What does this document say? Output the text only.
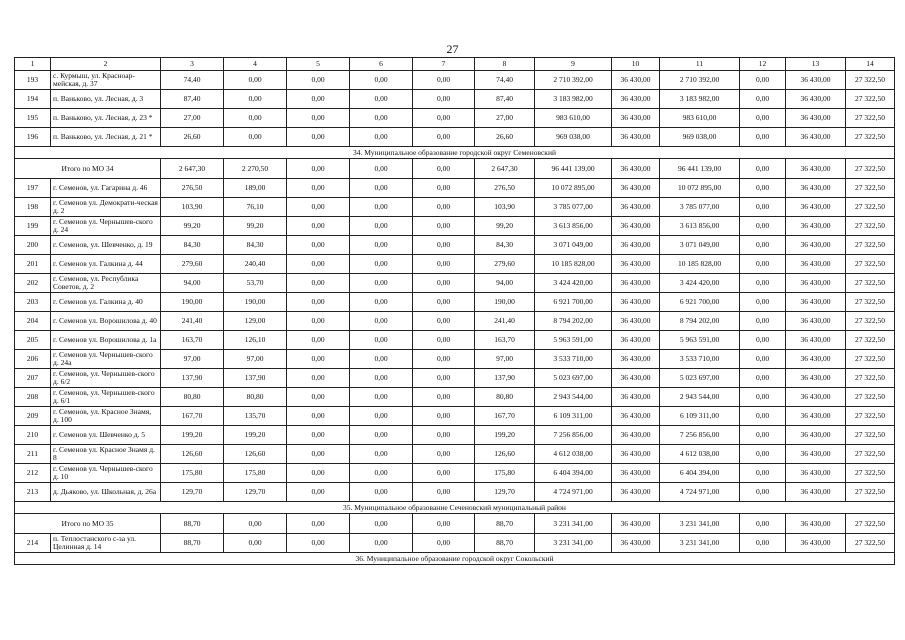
27
1	2	3	4	5	6	7	8	9	10	11	12	13	14
193	с. Курмыш, ул. Красноар-мейская, д. 37	74,40	0,00	0,00	0,00	0,00	74,40	2 710 392,00	36 430,00	2 710 392,00	0,00	36 430,00	27 322,50
194	п. Ваньково, ул. Лесная, д. 3	87,40	0,00	0,00	0,00	0,00	87,40	3 183 982,00	36 430,00	3 183 982,00	0,00	36 430,00	27 322,50
195	п. Ваньково, ул. Лесная, д. 23 *	27,00	0,00	0,00	0,00	0,00	27,00	983 610,00	36 430,00	983 610,00	0,00	36 430,00	27 322,50
196	п. Ваньково, ул. Лесная, д. 21 *	26,60	0,00	0,00	0,00	0,00	26,60	969 038,00	36 430,00	969 038,00	0,00	36 430,00	27 322,50
34. Муниципальное образование городской округ Семеновский													
Итого по МО 34		2 647,30	2 270,50	0,00	0,00	0,00	2 647,30	96 441 139,00	36 430,00	96 441 139,00	0,00	36 430,00	27 322,50
197	г. Семенов, ул. Гагарина д. 46	276,50	189,00	0,00	0,00	0,00	276,50	10 072 895,00	36 430,00	10 072 895,00	0,00	36 430,00	27 322,50
198	г. Семенов ул. Демократи-ческая д. 2	103,90	76,10	0,00	0,00	0,00	103,90	3 785 077,00	36 430,00	3 785 077,00	0,00	36 430,00	27 322,50
199	г. Семенов ул. Чернышев-ского д. 24	99,20	99,20	0,00	0,00	0,00	99,20	3 613 856,00	36 430,00	3 613 856,00	0,00	36 430,00	27 322,50
200	г. Семенов, ул. Шевченко, д. 19	84,30	84,30	0,00	0,00	0,00	84,30	3 071 049,00	36 430,00	3 071 049,00	0,00	36 430,00	27 322,50
201	г. Семенов ул. Галкина д. 44	279,60	240,40	0,00	0,00	0,00	279,60	10 185 828,00	36 430,00	10 185 828,00	0,00	36 430,00	27 322,50
202	г. Семенов, ул. Республика Советов, д. 2	94,00	53,70	0,00	0,00	0,00	94,00	3 424 420,00	36 430,00	3 424 420,00	0,00	36 430,00	27 322,50
203	г. Семенов ул. Галкина д. 40	190,00	190,00	0,00	0,00	0,00	190,00	6 921 700,00	36 430,00	6 921 700,00	0,00	36 430,00	27 322,50
204	г. Семенов ул. Ворошилова д. 40	241,40	129,00	0,00	0,00	0,00	241,40	8 794 202,00	36 430,00	8 794 202,00	0,00	36 430,00	27 322,50
205	г. Семенов ул. Ворошилова д. 1а	163,70	126,10	0,00	0,00	0,00	163,70	5 963 591,00	36 430,00	5 963 591,00	0,00	36 430,00	27 322,50
206	г. Семенов ул. Чернышев-ского д. 24а	97,00	97,00	0,00	0,00	0,00	97,00	3 533 710,00	36 430,00	3 533 710,00	0,00	36 430,00	27 322,50
207	г. Семенов, ул. Чернышев-ского д. 6/2	137,90	137,90	0,00	0,00	0,00	137,90	5 023 697,00	36 430,00	5 023 697,00	0,00	36 430,00	27 322,50
208	г. Семенов, ул. Чернышев-ского д. 6/1	80,80	80,80	0,00	0,00	0,00	80,80	2 943 544,00	36 430,00	2 943 544,00	0,00	36 430,00	27 322,50
209	г. Семенов, ул. Красное Знамя, д. 100	167,70	135,70	0,00	0,00	0,00	167,70	6 109 311,00	36 430,00	6 109 311,00	0,00	36 430,00	27 322,50
210	г. Семенов ул. Шевченко д. 5	199,20	199,20	0,00	0,00	0,00	199,20	7 256 856,00	36 430,00	7 256 856,00	0,00	36 430,00	27 322,50
211	г. Семенов ул. Красное Знамя д. 8	126,60	126,60	0,00	0,00	0,00	126,60	4 612 038,00	36 430,00	4 612 038,00	0,00	36 430,00	27 322,50
212	г. Семенов ул. Чернышев-ского д. 10	175,80	175,80	0,00	0,00	0,00	175,80	6 404 394,00	36 430,00	6 404 394,00	0,00	36 430,00	27 322,50
213	д. Дьяково, ул. Школьная, д. 26а	129,70	129,70	0,00	0,00	0,00	129,70	4 724 971,00	36 430,00	4 724 971,00	0,00	36 430,00	27 322,50
35. Муниципальное образование Сеченовский муниципальный район													
Итого по МО 35		88,70	0,00	0,00	0,00	0,00	88,70	3 231 341,00	36 430,00	3 231 341,00	0,00	36 430,00	27 322,50
214	п. Теплостанского с-за ул. Целинная д. 14	88,70	0,00	0,00	0,00	0,00	88,70	3 231 341,00	36 430,00	3 231 341,00	0,00	36 430,00	27 322,50
36. Муниципальное образование городской округ Сокольский													
